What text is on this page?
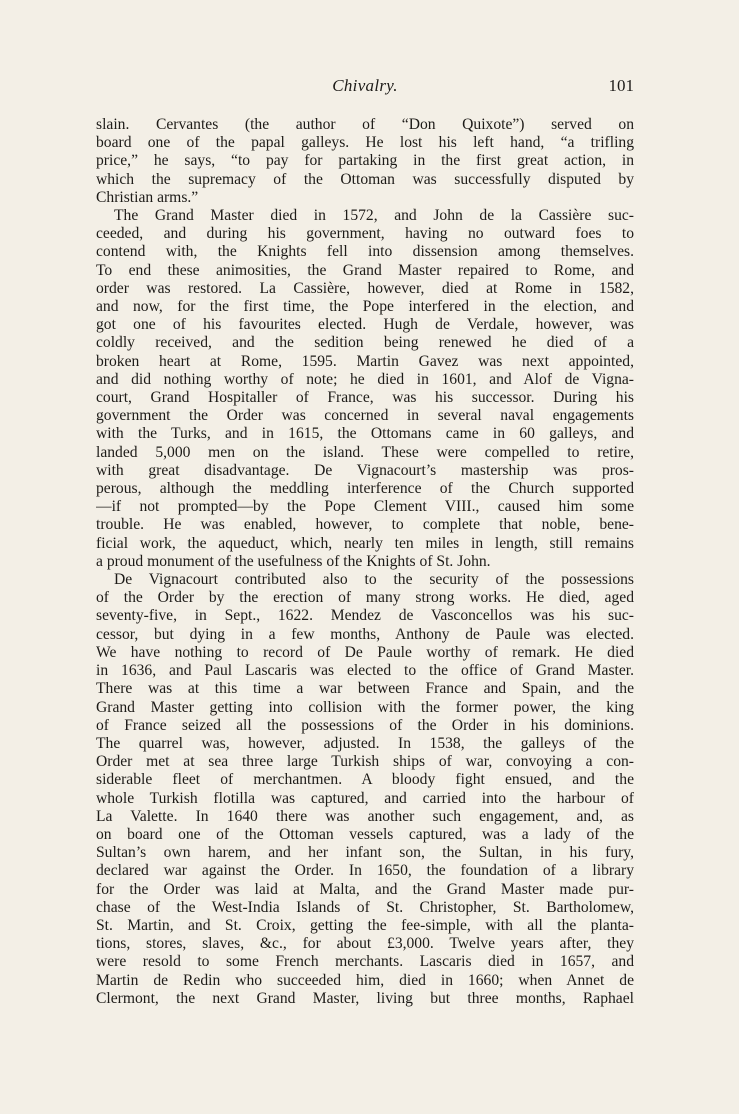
Chivalry.	101
slain. Cervantes (the author of “Don Quixote”) served on
board one of the papal galleys. He lost his left hand, “a trifling
price,” he says, “to pay for partaking in the first great action, in
which the supremacy of the Ottoman was successfully disputed by
Christian arms.”
The Grand Master died in 1572, and John de la Cassière suc-
ceeded, and during his government, having no outward foes to
contend with, the Knights fell into dissension among themselves.
To end these animosities, the Grand Master repaired to Rome, and
order was restored. La Cassière, however, died at Rome in 1582,
and now, for the first time, the Pope interfered in the election, and
got one of his favourites elected. Hugh de Verdale, however, was
coldly received, and the sedition being renewed he died of a
broken heart at Rome, 1595. Martin Gavez was next appointed,
and did nothing worthy of note; he died in 1601, and Alof de Vigna-
court, Grand Hospitaller of France, was his successor. During his
government the Order was concerned in several naval engagements
with the Turks, and in 1615, the Ottomans came in 60 galleys, and
landed 5,000 men on the island. These were compelled to retire,
with great disadvantage. De Vignacourt’s mastership was pros-
perous, although the meddling interference of the Church supported
—if not prompted—by the Pope Clement VIII., caused him some
trouble. He was enabled, however, to complete that noble, bene-
ficial work, the aqueduct, which, nearly ten miles in length, still remains
a proud monument of the usefulness of the Knights of St. John.
De Vignacourt contributed also to the security of the possessions
of the Order by the erection of many strong works. He died, aged
seventy-five, in Sept., 1622. Mendez de Vasconcellos was his suc-
cessor, but dying in a few months, Anthony de Paule was elected.
We have nothing to record of De Paule worthy of remark. He died
in 1636, and Paul Lascaris was elected to the office of Grand Master.
There was at this time a war between France and Spain, and the
Grand Master getting into collision with the former power, the king
of France seized all the possessions of the Order in his dominions.
The quarrel was, however, adjusted. In 1538, the galleys of the
Order met at sea three large Turkish ships of war, convoying a con-
siderable fleet of merchantmen. A bloody fight ensued, and the
whole Turkish flotilla was captured, and carried into the harbour of
La Valette. In 1640 there was another such engagement, and, as
on board one of the Ottoman vessels captured, was a lady of the
Sultan’s own harem, and her infant son, the Sultan, in his fury,
declared war against the Order. In 1650, the foundation of a library
for the Order was laid at Malta, and the Grand Master made pur-
chase of the West-India Islands of St. Christopher, St. Bartholomew,
St. Martin, and St. Croix, getting the fee-simple, with all the planta-
tions, stores, slaves, &c., for about £3,000. Twelve years after, they
were resold to some French merchants. Lascaris died in 1657, and
Martin de Redin who succeeded him, died in 1660; when Annet de
Clermont, the next Grand Master, living but three months, Raphael
